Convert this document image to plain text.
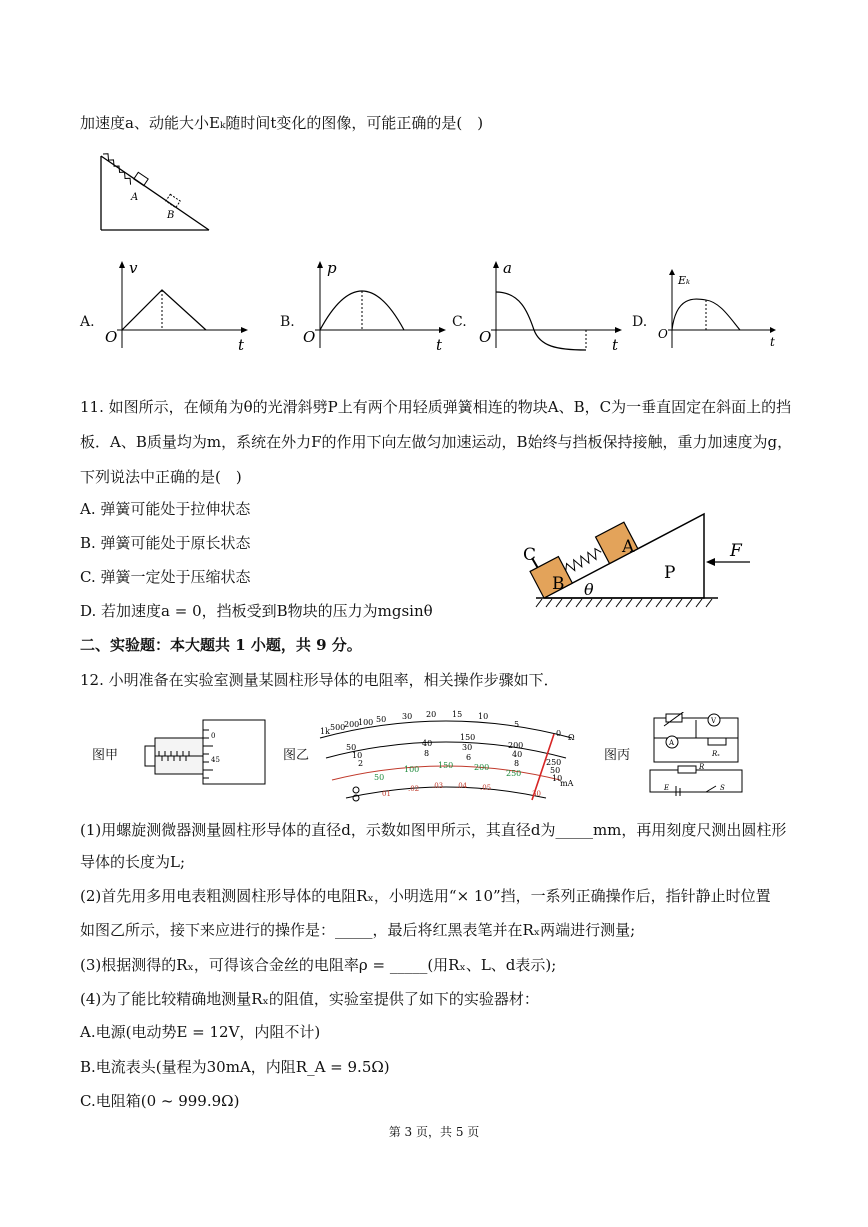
加速度a、动能大小Eₖ随时间t变化的图像，可能正确的是(　)
A
B
A.
v
O	t
B.
p
O	t
C.
a
O	t
D.
Eₖ
O
t
11. 如图所示，在倾角为θ的光滑斜劈P上有两个用轻质弹簧相连的物块A、B，C为一垂直固定在斜面上的挡
板．A、B质量均为m，系统在外力F的作用下向左做匀加速运动，B始终与挡板保持接触，重力加速度为g，
下列说法中正确的是(　)
A. 弹簧可能处于拉伸状态
B. 弹簧可能处于原长状态
C. 弹簧一定处于压缩状态
D. 若加速度a = 0，挡板受到B物块的压力为mgsinθ
C
B
A
P
θ
F
二、实验题：本大题共 1 小题，共 9 分。
12. 小明准备在实验室测量某圆柱形导体的电阻率，相关操作步骤如下．
图甲
0
45	图乙
1k 500
200
100 50 30 20 15 10
5
0 Ω
50
10
2
40
8
150
30
6
200
40
8	250
50
10
50
100 150	200
250
mA
01
.02 .03 .04 .05
30
图丙
V
A
Rₓ
R
E	S
(1)用螺旋测微器测量圆柱形导体的直径d，示数如图甲所示，其直径d为_____mm，再用刻度尺测出圆柱形
导体的长度为L;
(2)首先用多用电表粗测圆柱形导体的电阻Rₓ，小明选用“× 10”挡，一系列正确操作后，指针静止时位置
如图乙所示，接下来应进行的操作是：_____，最后将红黑表笔并在Rₓ两端进行测量;
(3)根据测得的Rₓ，可得该合金丝的电阻率ρ = _____(用Rₓ、L、d表示);
(4)为了能比较精确地测量Rₓ的阻值，实验室提供了如下的实验器材：
A.电源(电动势E = 12V，内阻不计)
B.电流表头(量程为30mA，内阻R_A = 9.5Ω)
C.电阻箱(0 ~ 999.9Ω)
第 3 页，共 5 页
